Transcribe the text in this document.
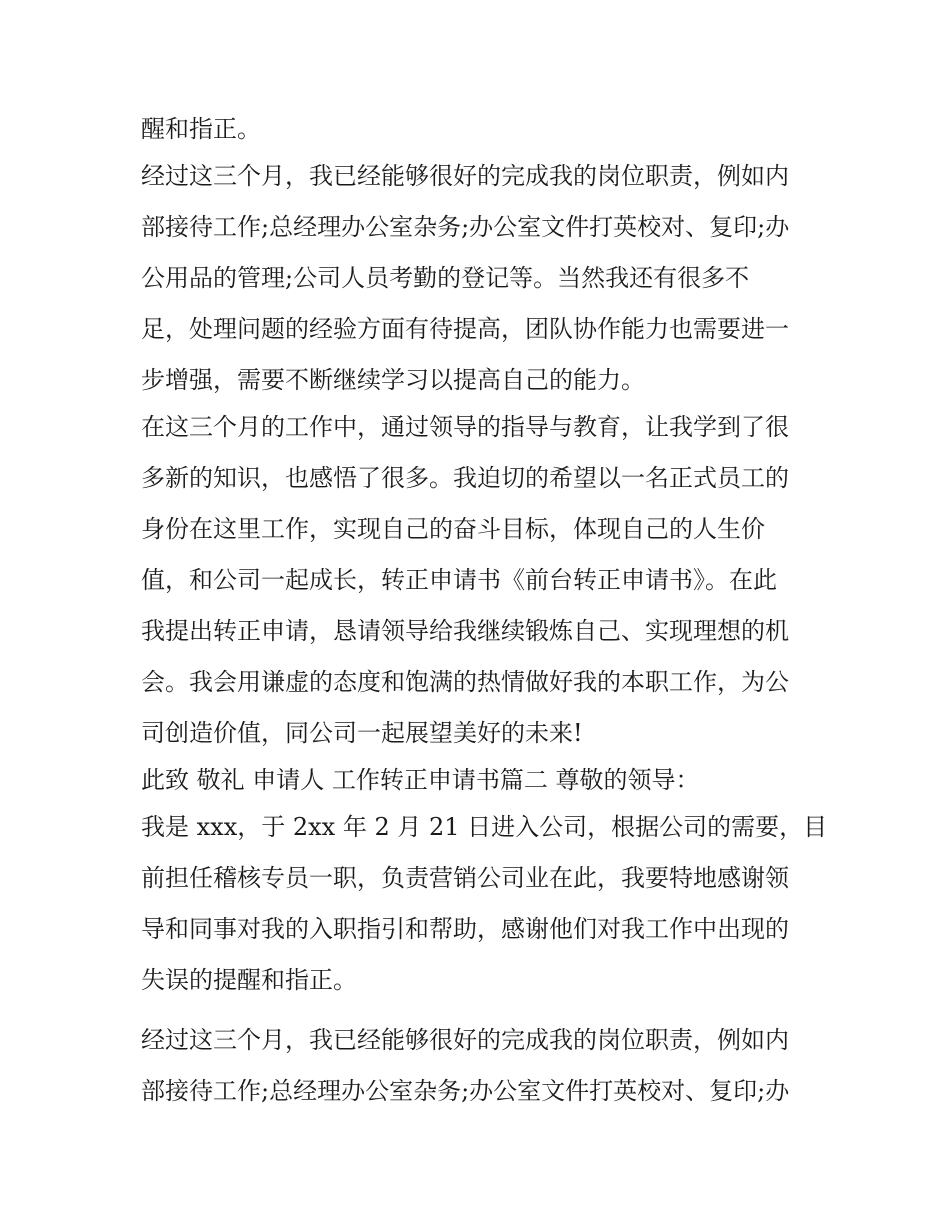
醒和指正。
经过这三个月，我已经能够很好的完成我的岗位职责，例如内
部接待工作;总经理办公室杂务;办公室文件打英校对、复印;办
公用品的管理;公司人员考勤的登记等。当然我还有很多不
足，处理问题的经验方面有待提高，团队协作能力也需要进一
步增强，需要不断继续学习以提高自己的能力。
在这三个月的工作中，通过领导的指导与教育，让我学到了很
多新的知识，也感悟了很多。我迫切的希望以一名正式员工的
身份在这里工作，实现自己的奋斗目标，体现自己的人生价
值，和公司一起成长，转正申请书《前台转正申请书》。在此
我提出转正申请，恳请领导给我继续锻炼自己、实现理想的机
会。我会用谦虚的态度和饱满的热情做好我的本职工作，为公
司创造价值，同公司一起展望美好的未来!
此致 敬礼 申请人 工作转正申请书篇二 尊敬的领导：
我是 xxx，于 2xx 年 2 月 21 日进入公司，根据公司的需要，目
前担任稽核专员一职，负责营销公司业在此，我要特地感谢领
导和同事对我的入职指引和帮助，感谢他们对我工作中出现的
失误的提醒和指正。
经过这三个月，我已经能够很好的完成我的岗位职责，例如内
部接待工作;总经理办公室杂务;办公室文件打英校对、复印;办
